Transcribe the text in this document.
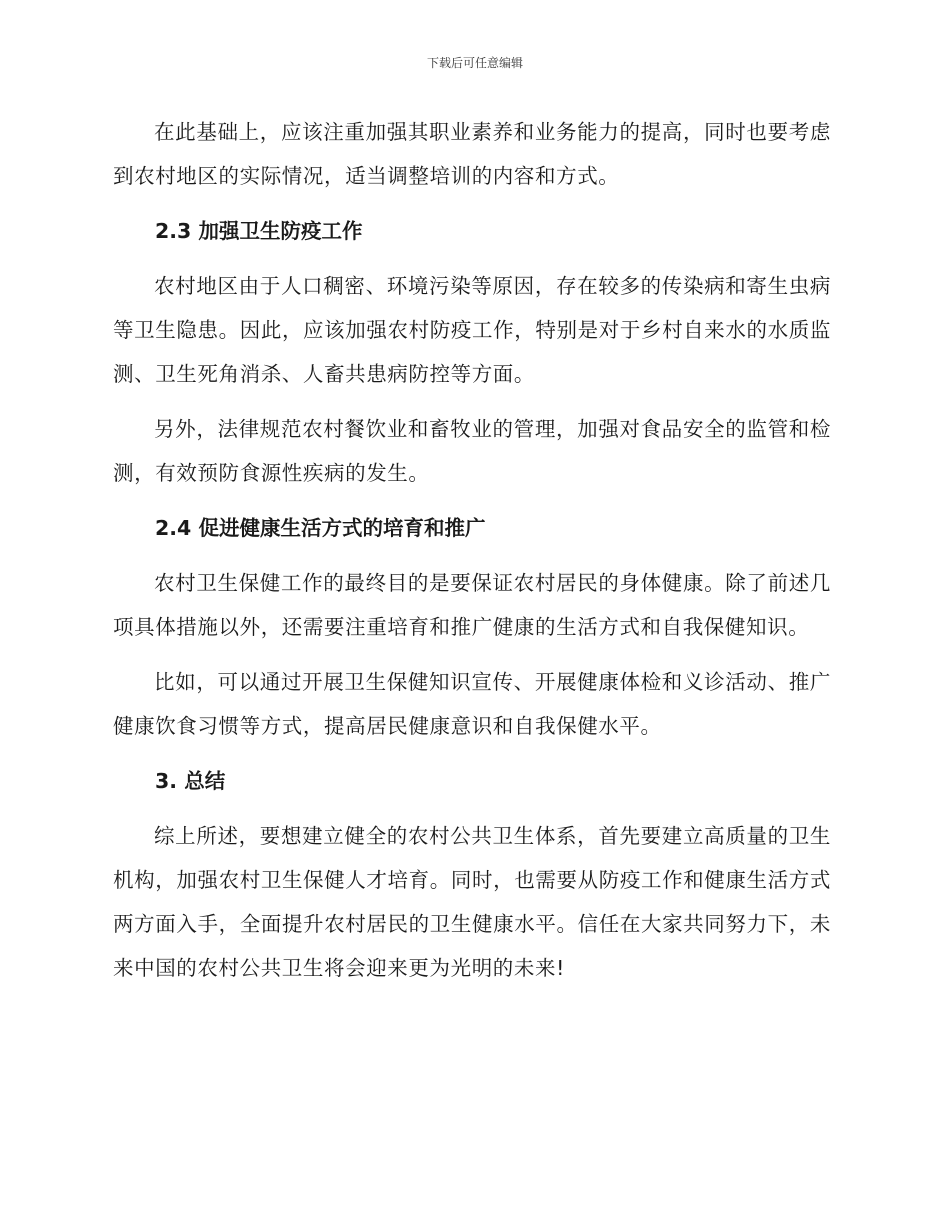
下载后可任意编辑

在此基础上，应该注重加强其职业素养和业务能力的提高，同时也要考虑到农村地区的实际情况，适当调整培训的内容和方式。

2.3 加强卫生防疫工作

农村地区由于人口稠密、环境污染等原因，存在较多的传染病和寄生虫病等卫生隐患。因此，应该加强农村防疫工作，特别是对于乡村自来水的水质监测、卫生死角消杀、人畜共患病防控等方面。

另外，法律规范农村餐饮业和畜牧业的管理，加强对食品安全的监管和检测，有效预防食源性疾病的发生。

2.4 促进健康生活方式的培育和推广

农村卫生保健工作的最终目的是要保证农村居民的身体健康。除了前述几项具体措施以外，还需要注重培育和推广健康的生活方式和自我保健知识。

比如，可以通过开展卫生保健知识宣传、开展健康体检和义诊活动、推广健康饮食习惯等方式，提高居民健康意识和自我保健水平。

3. 总结

综上所述，要想建立健全的农村公共卫生体系，首先要建立高质量的卫生机构，加强农村卫生保健人才培育。同时，也需要从防疫工作和健康生活方式两方面入手，全面提升农村居民的卫生健康水平。信任在大家共同努力下，未来中国的农村公共卫生将会迎来更为光明的未来!
